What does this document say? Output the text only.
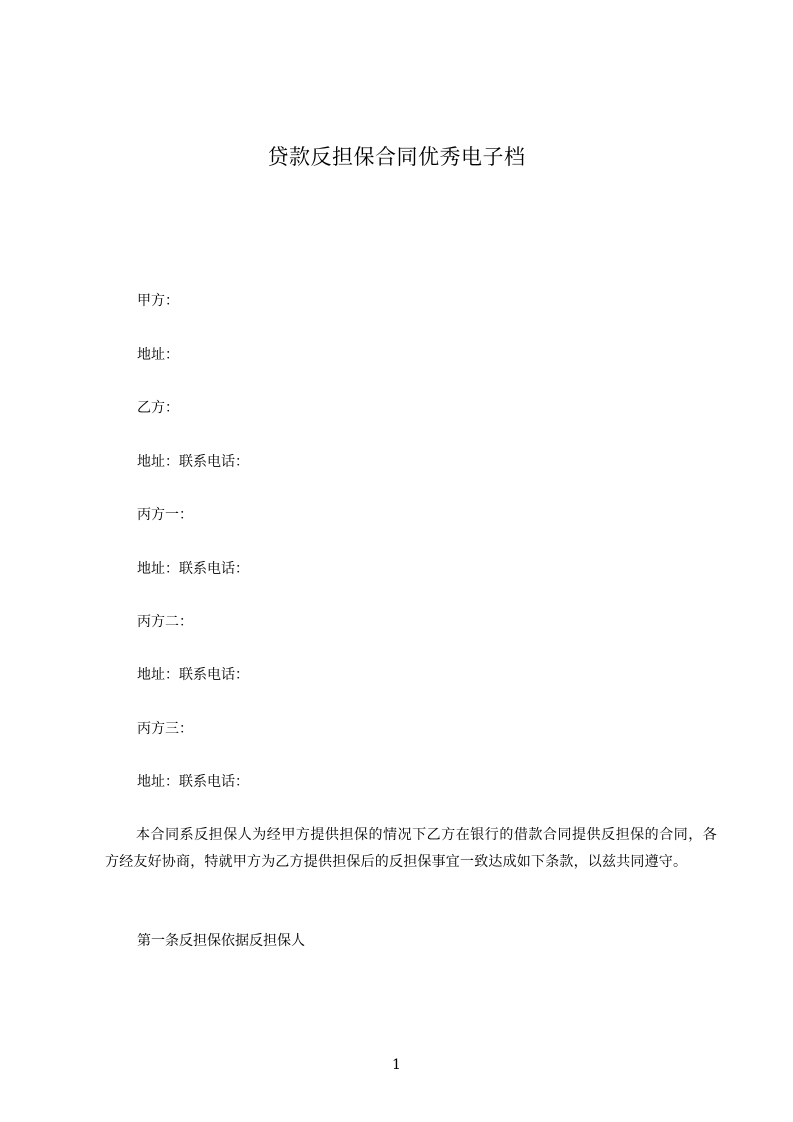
贷款反担保合同优秀电子档
甲方：
地址：
乙方：
地址：联系电话：
丙方一：
地址：联系电话：
丙方二：
地址：联系电话：
丙方三：
地址：联系电话：
本合同系反担保人为经甲方提供担保的情况下乙方在银行的借款合同提供反担保的合同，各方经友好协商，特就甲方为乙方提供担保后的反担保事宜一致达成如下条款，以兹共同遵守。
第一条反担保依据反担保人
1
